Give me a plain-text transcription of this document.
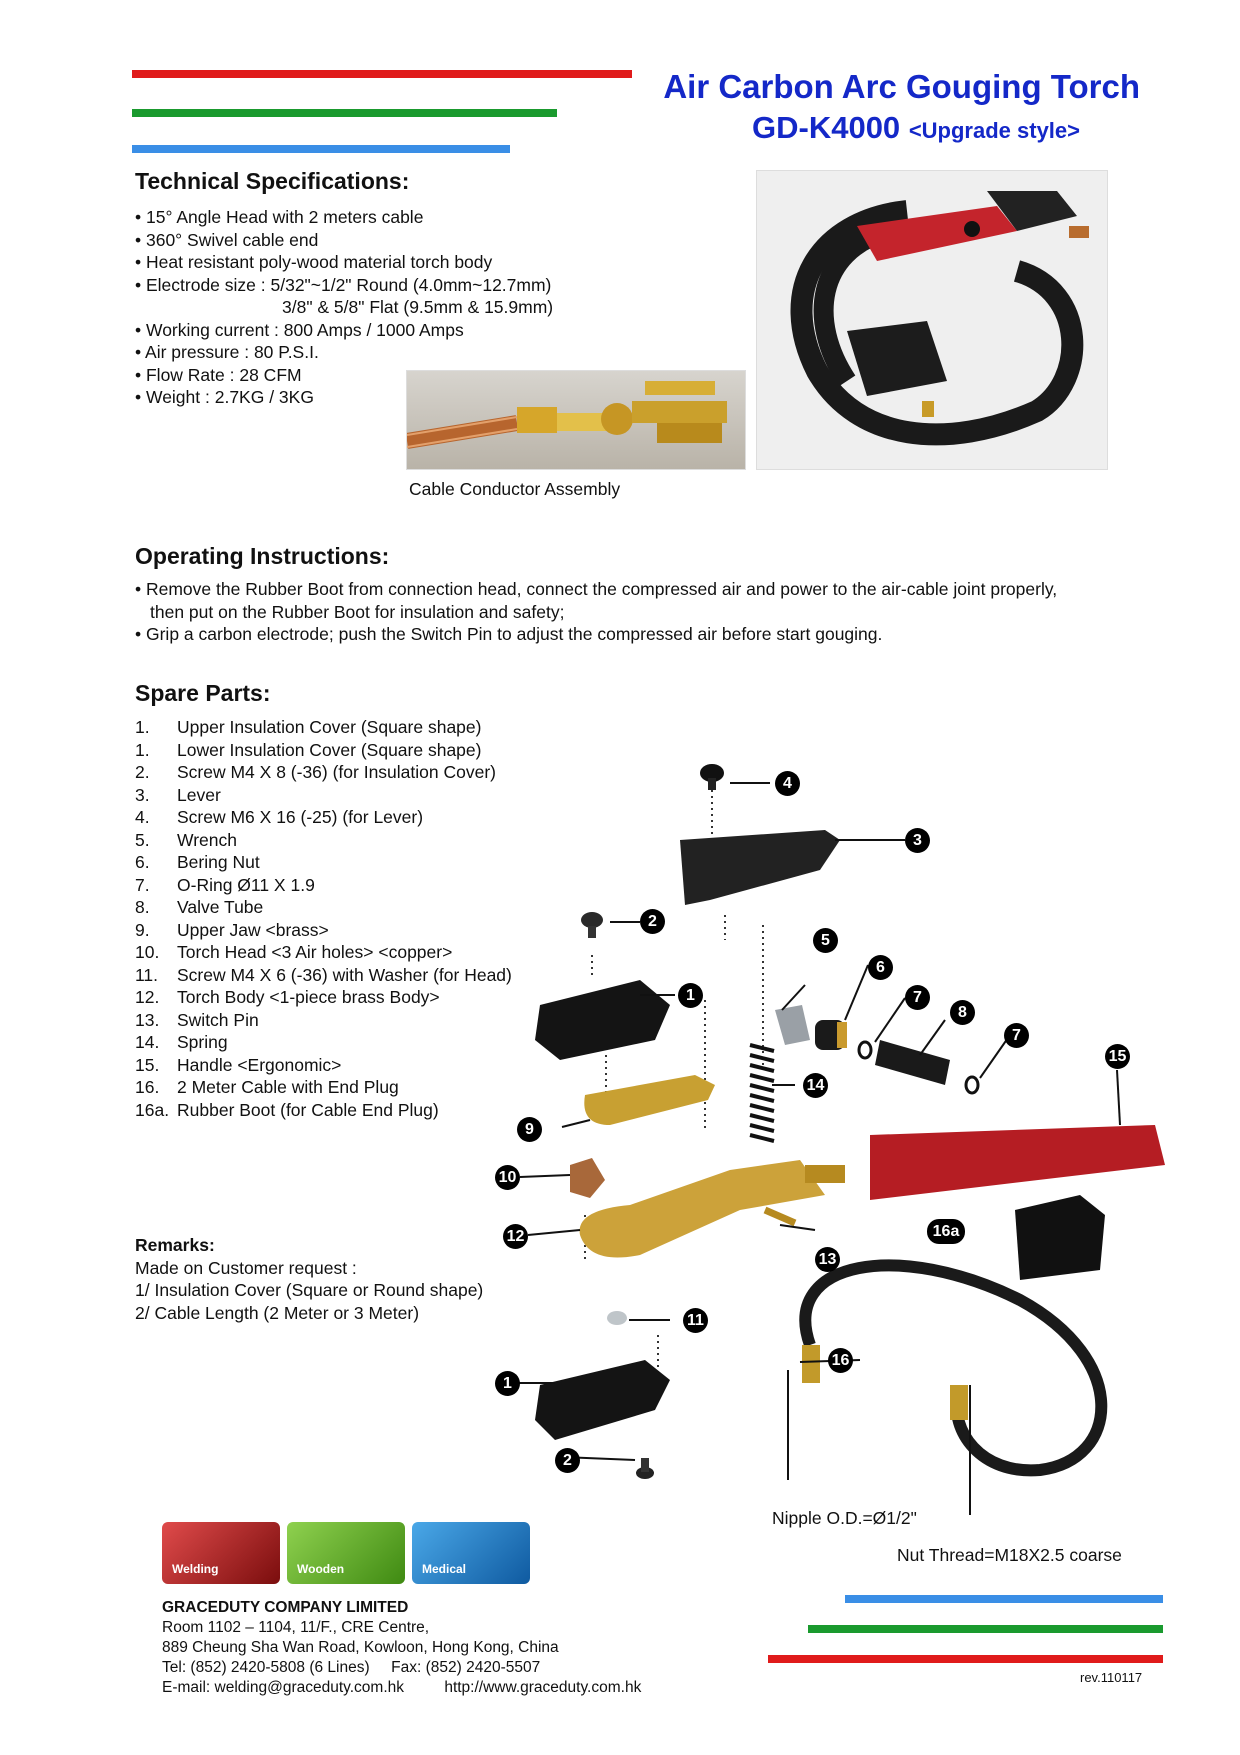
Air Carbon Arc Gouging Torch
GD-K4000 <Upgrade style>
Technical Specifications:
• 15° Angle Head with 2 meters cable
• 360° Swivel cable end
• Heat resistant poly-wood material torch body
• Electrode size : 5/32"~1/2" Round (4.0mm~12.7mm)
3/8" & 5/8" Flat (9.5mm & 15.9mm)
• Working current : 800 Amps / 1000 Amps
• Air pressure : 80 P.S.I.
• Flow Rate : 28 CFM
• Weight : 2.7KG / 3KG
Cable Conductor Assembly
Operating Instructions:
• Remove the Rubber Boot from connection head, connect the compressed air and power to the air-cable joint properly,
then put on the Rubber Boot for insulation and safety;
• Grip a carbon electrode; push the Switch Pin to adjust the compressed air before start gouging.
Spare Parts:
1. Upper Insulation Cover (Square shape)
1. Lower Insulation Cover (Square shape)
2. Screw M4 X 8 (-36) (for Insulation Cover)
3. Lever
4. Screw M6 X 16 (-25) (for Lever)
5. Wrench
6. Bering Nut
7. O-Ring Ø11 X 1.9
8. Valve Tube
9. Upper Jaw <brass>
10. Torch Head <3 Air holes> <copper>
11. Screw M4 X 6 (-36) with Washer (for Head)
12. Torch Body <1-piece brass Body>
13. Switch Pin
14. Spring
15. Handle <Ergonomic>
16. 2 Meter Cable with End Plug
16a. Rubber Boot (for Cable End Plug)
Remarks:
Made on Customer request :
1/ Insulation Cover (Square or Round shape)
2/ Cable Length (2 Meter or 3 Meter)
4
3
2
5
6
7
8
7
15
1
14
9
10
12
13
16a
11
1
2
16
Nipple O.D.=Ø1/2"
Nut Thread=M18X2.5 coarse
Welding	Wooden	Medical
GRACEDUTY COMPANY LIMITED
Room 1102 – 1104, 11/F., CRE Centre,
889 Cheung Sha Wan Road, Kowloon, Hong Kong, China
Tel: (852) 2420-5808 (6 Lines)     Fax: (852) 2420-5507
E-mail: welding@graceduty.com.hk	http://www.graceduty.com.hk
rev.110117
